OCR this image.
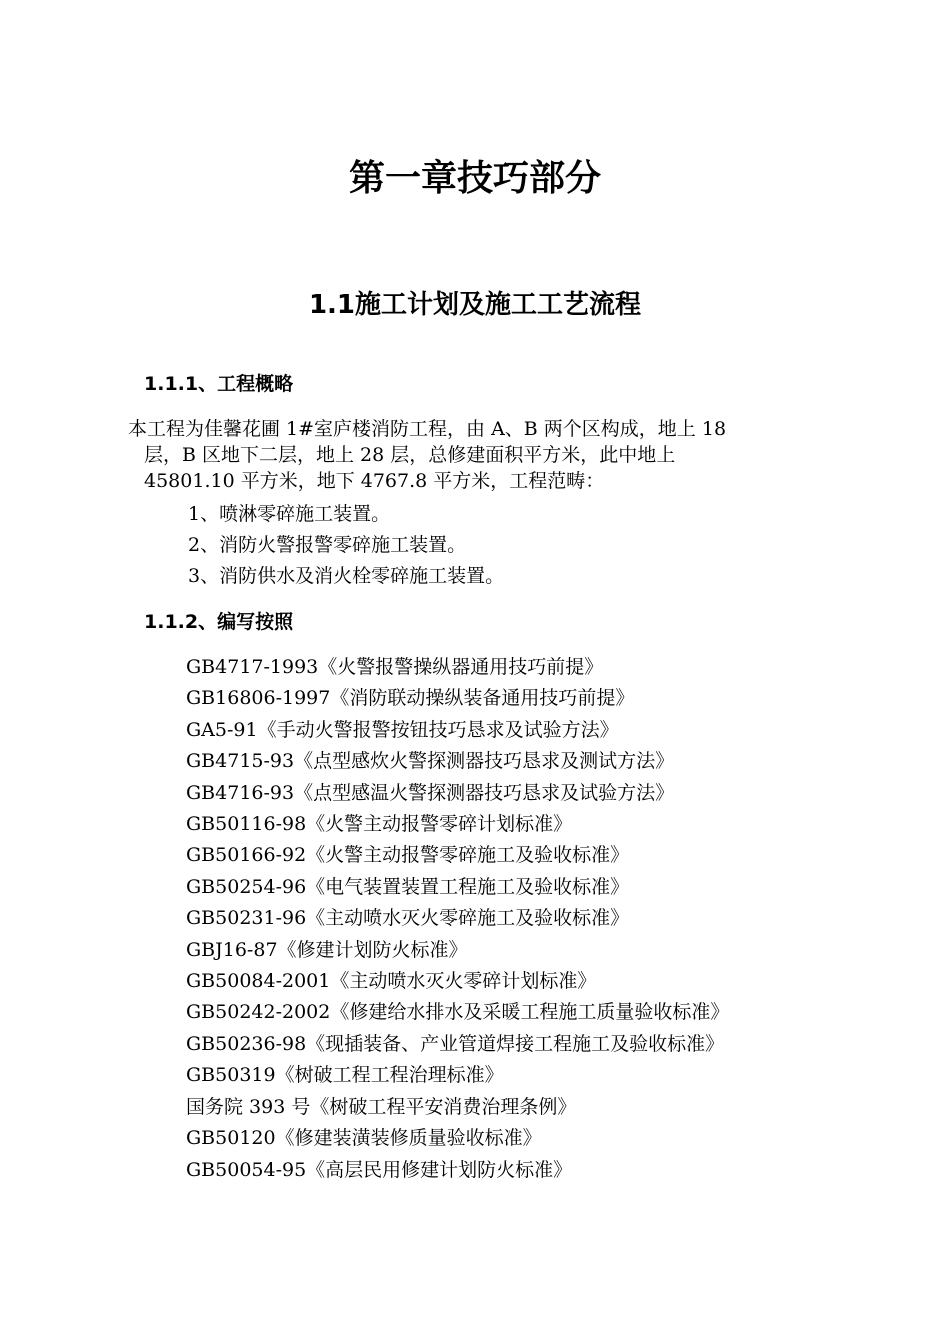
第一章技巧部分
1.1施工计划及施工工艺流程
1.1.1、工程概略

本工程为佳馨花圃 1#室庐楼消防工程，由 A、B 两个区构成，地上 18
层，B 区地下二层，地上 28 层，总修建面积平方米，此中地上
45801.10 平方米，地下 4767.8 平方米，工程范畴：

1、喷淋零碎施工装置。
2、消防火警报警零碎施工装置。
3、消防供水及消火栓零碎施工装置。
1.1.2、编写按照
GB4717-1993《火警报警操纵器通用技巧前提》
GB16806-1997《消防联动操纵装备通用技巧前提》
GA5-91《手动火警报警按钮技巧恳求及试验方法》
GB4715-93《点型感炊火警探测器技巧恳求及测试方法》
GB4716-93《点型感温火警探测器技巧恳求及试验方法》
GB50116-98《火警主动报警零碎计划标准》
GB50166-92《火警主动报警零碎施工及验收标准》
GB50254-96《电气装置装置工程施工及验收标准》
GB50231-96《主动喷水灭火零碎施工及验收标准》
GBJ16-87《修建计划防火标准》
GB50084-2001《主动喷水灭火零碎计划标准》
GB50242-2002《修建给水排水及采暖工程施工质量验收标准》
GB50236-98《现插装备、产业管道焊接工程施工及验收标准》
GB50319《树破工程工程治理标准》
国务院 393 号《树破工程平安消费治理条例》
GB50120《修建装潢装修质量验收标准》
GB50054-95《高层民用修建计划防火标准》
